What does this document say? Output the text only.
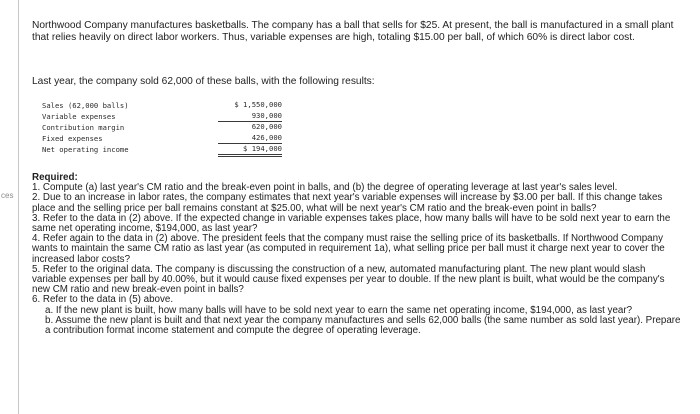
ces

Northwood Company manufactures basketballs. The company has a ball that sells for $25. At present, the ball is manufactured in a small plant that relies heavily on direct labor workers. Thus, variable expenses are high, totaling $15.00 per ball, of which 60% is direct labor cost.

Last year, the company sold 62,000 of these balls, with the following results:

Sales (62,000 balls)	$ 1,550,000
Variable expenses	930,000
Contribution margin	620,000
Fixed expenses	426,000
Net operating income	$ 194,000

Required:

1. Compute (a) last year's CM ratio and the break-even point in balls, and (b) the degree of operating leverage at last year's sales level.

2. Due to an increase in labor rates, the company estimates that next year's variable expenses will increase by $3.00 per ball. If this change takes place and the selling price per ball remains constant at $25.00, what will be next year's CM ratio and the break-even point in balls?

3. Refer to the data in (2) above. If the expected change in variable expenses takes place, how many balls will have to be sold next year to earn the same net operating income, $194,000, as last year?

4. Refer again to the data in (2) above. The president feels that the company must raise the selling price of its basketballs. If Northwood Company wants to maintain the same CM ratio as last year (as computed in requirement 1a), what selling price per ball must it charge next year to cover the increased labor costs?

5. Refer to the original data. The company is discussing the construction of a new, automated manufacturing plant. The new plant would slash variable expenses per ball by 40.00%, but it would cause fixed expenses per year to double. If the new plant is built, what would be the company's new CM ratio and new break-even point in balls?

6. Refer to the data in (5) above.

a. If the new plant is built, how many balls will have to be sold next year to earn the same net operating income, $194,000, as last year?

b. Assume the new plant is built and that next year the company manufactures and sells 62,000 balls (the same number as sold last year). Prepare a contribution format income statement and compute the degree of operating leverage.
